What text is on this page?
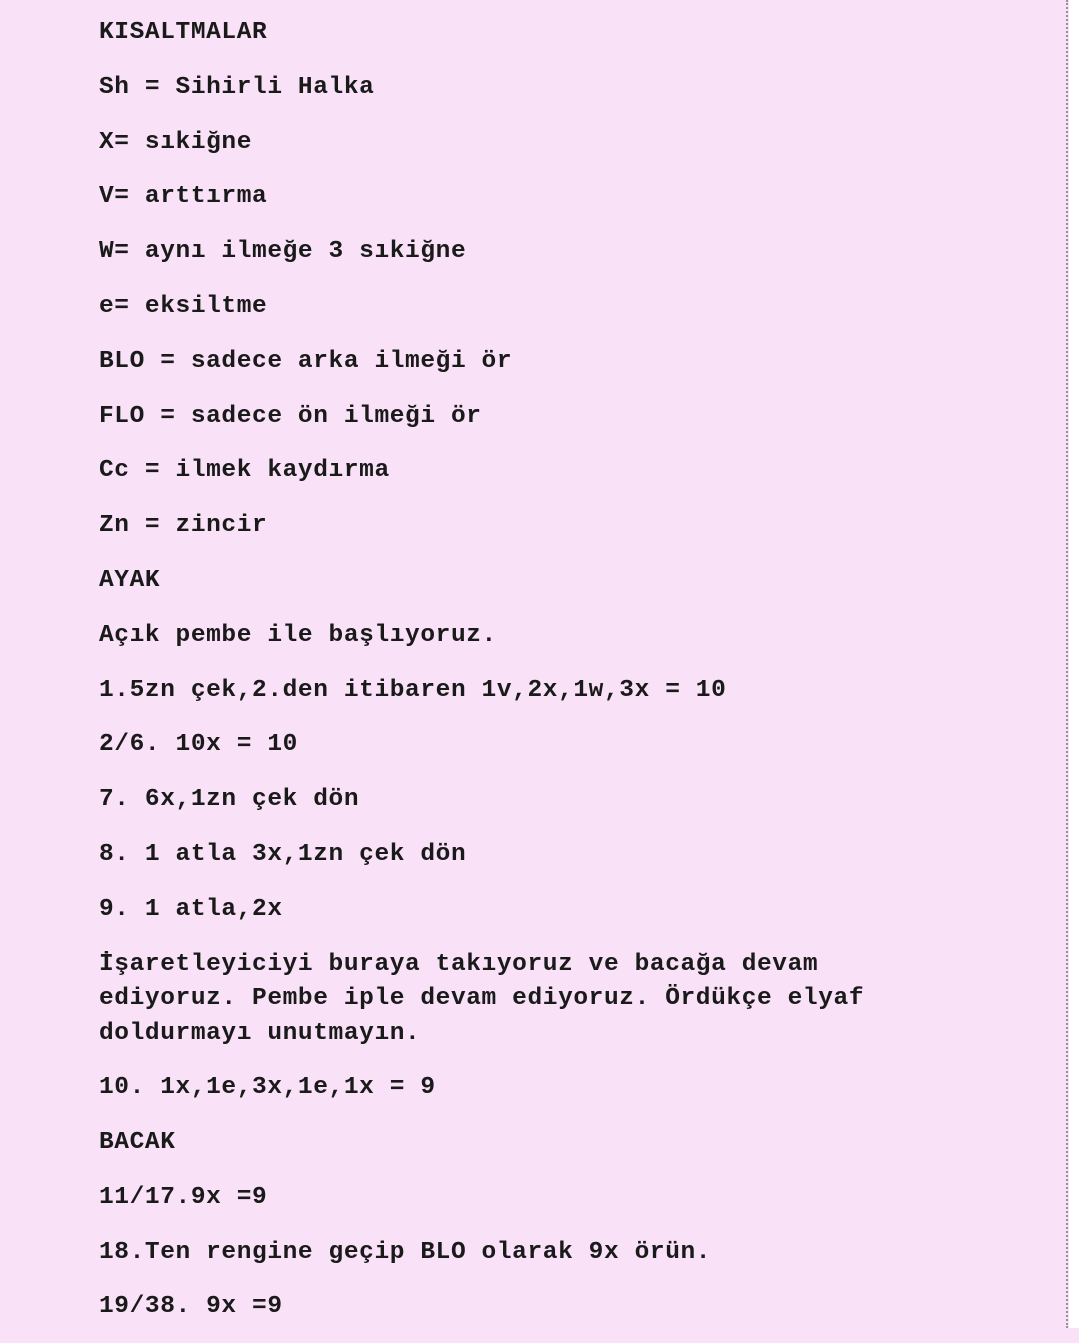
KISALTMALAR
Sh = Sihirli Halka
X= sıkiğne
V= arttırma
W= aynı ilmeğe 3 sıkiğne
e= eksiltme
BLO = sadece arka ilmeği ör
FLO = sadece ön ilmeği ör
Cc = ilmek kaydırma
Zn = zincir
AYAK
Açık pembe ile başlıyoruz.
1.5zn çek,2.den itibaren 1v,2x,1w,3x = 10
2/6. 10x = 10
7. 6x,1zn çek dön
8. 1 atla 3x,1zn çek dön
9. 1 atla,2x
İşaretleyiciyi buraya takıyoruz ve bacağa devam
ediyoruz. Pembe iple devam ediyoruz. Ördükçe elyaf
doldurmayı unutmayın.
10. 1x,1e,3x,1e,1x = 9
BACAK
11/17.9x =9
18.Ten rengine geçip BLO olarak 9x örün.
19/38. 9x =9
